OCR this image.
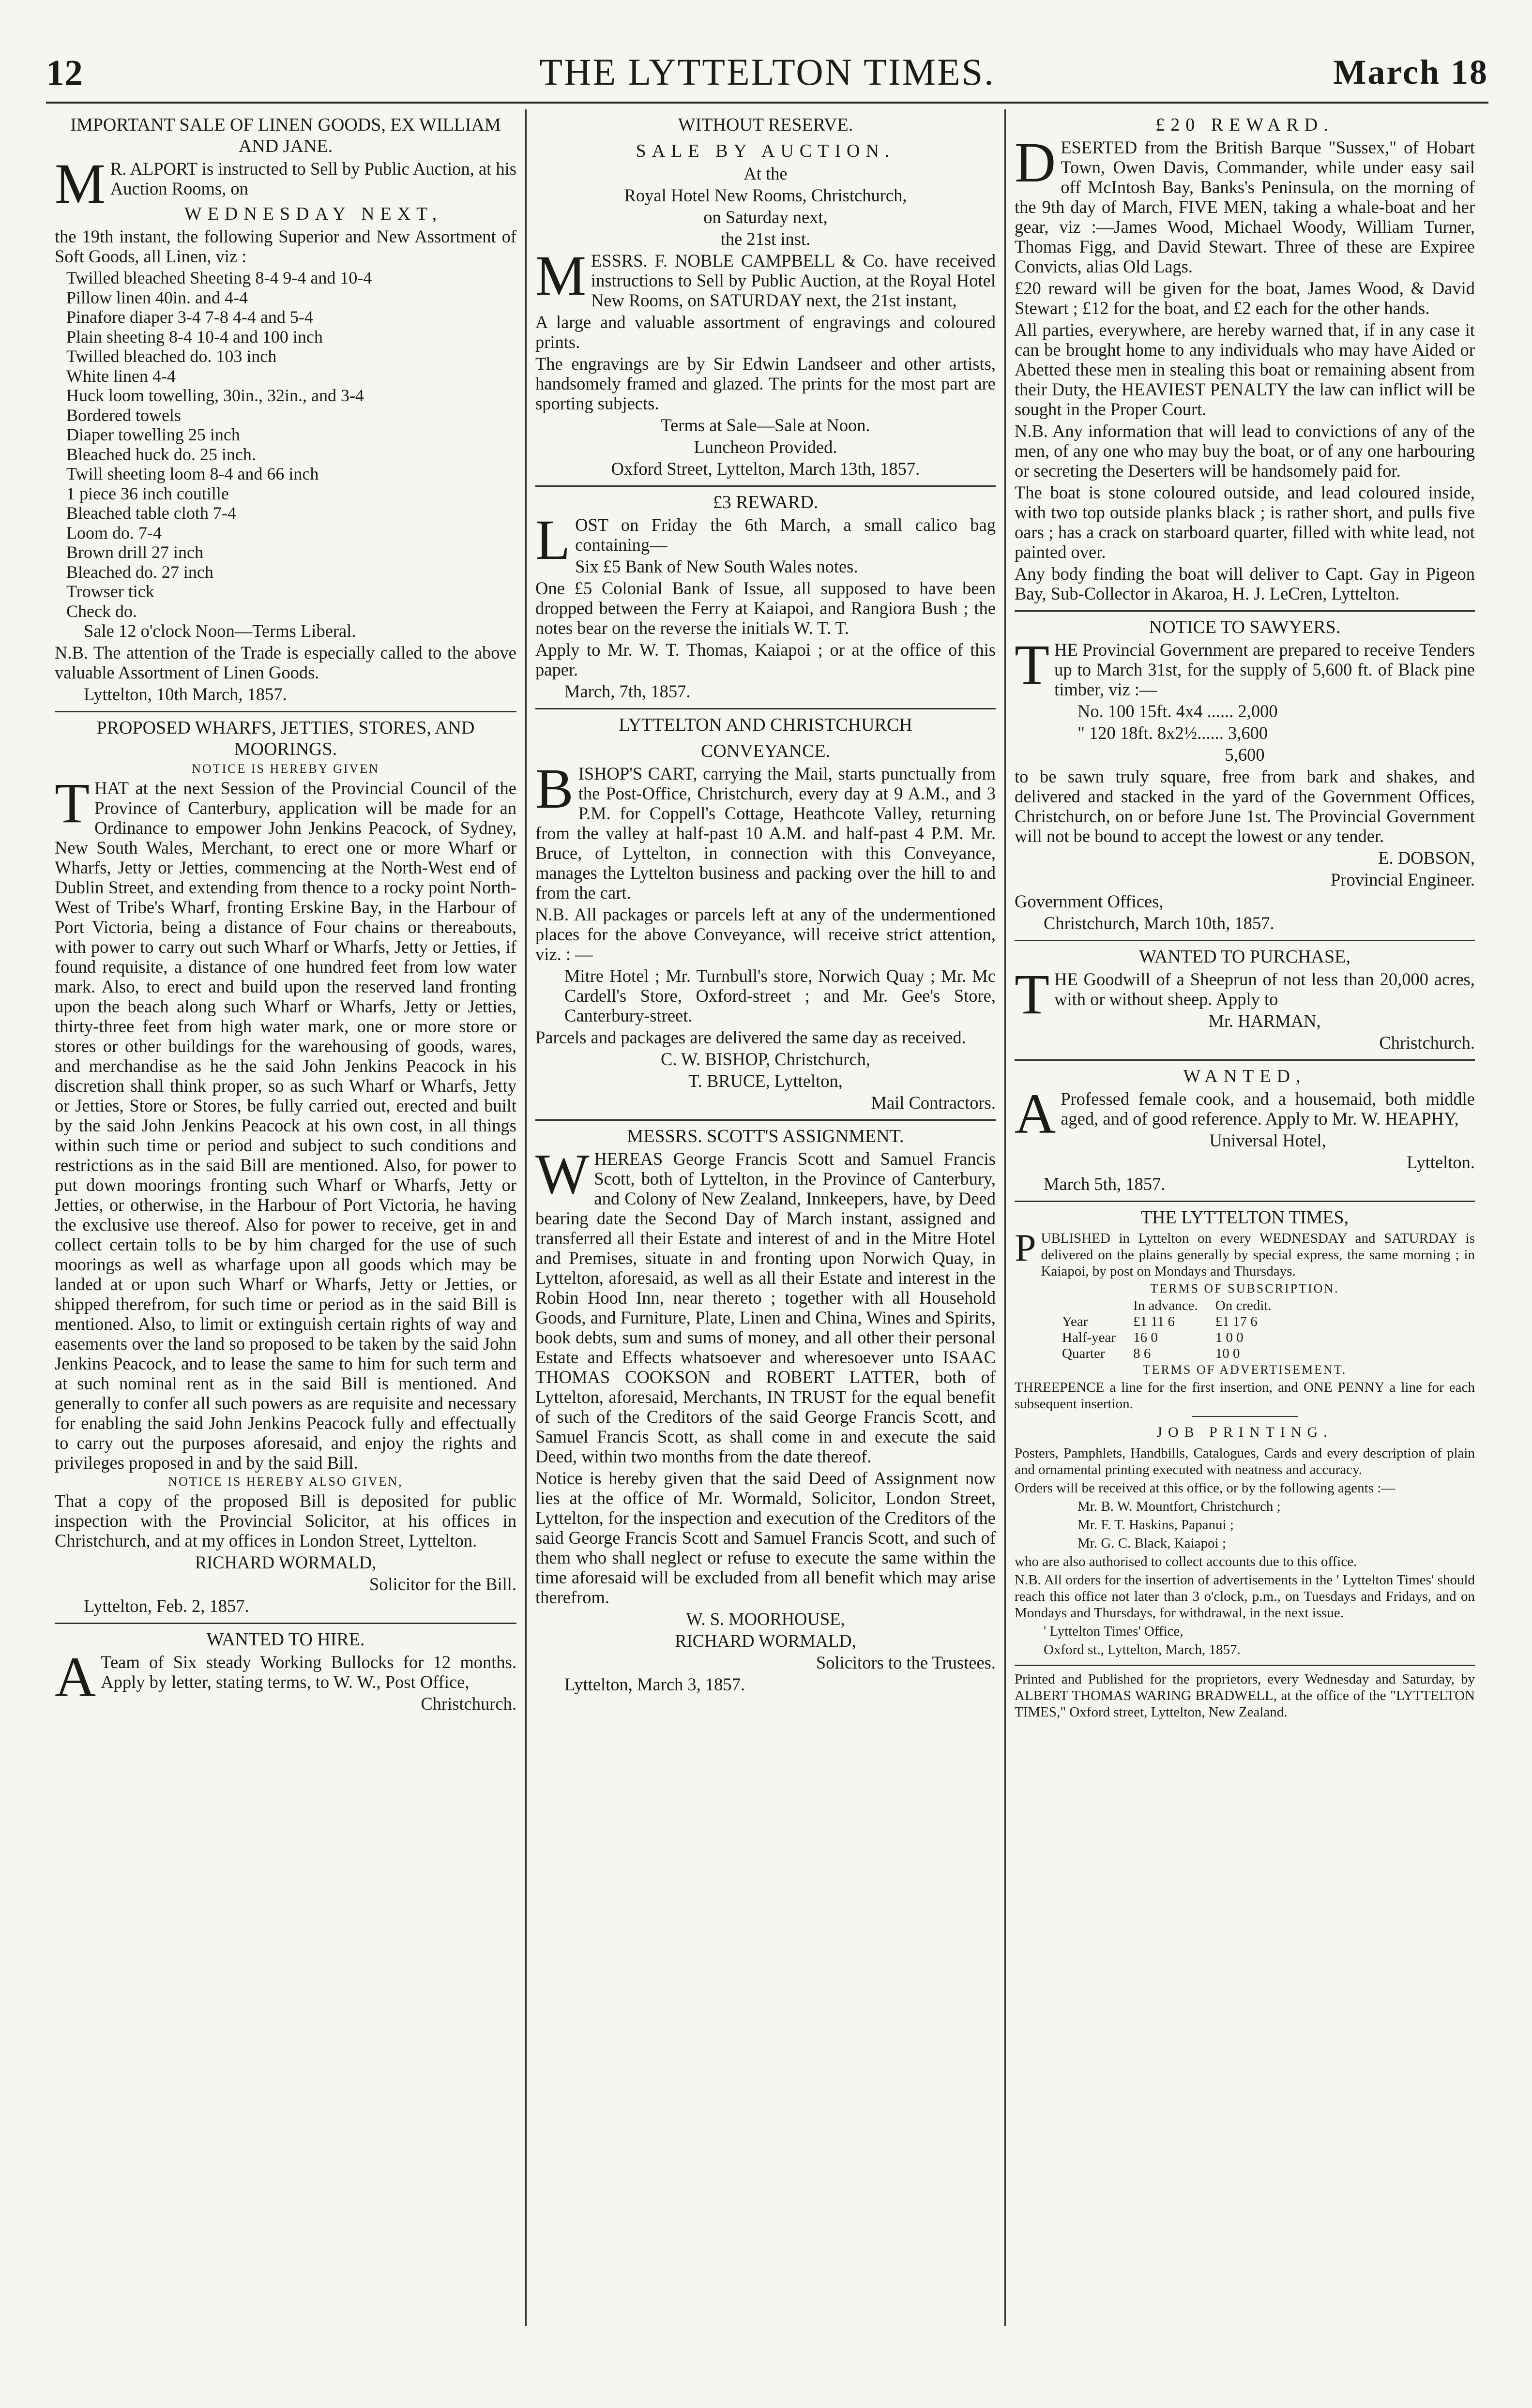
12	THE LYTTELTON TIMES.	March 18
IMPORTANT SALE OF LINEN GOODS, EX WILLIAM AND JANE.

M R. ALPORT is instructed to Sell by Public Auction, at his Auction Rooms, on

WEDNESDAY NEXT,

the 19th instant, the following Superior and New Assortment of Soft Goods, all Linen, viz :

Twilled bleached Sheeting 8-4 9-4 and 10-4
Pillow linen 40in. and 4-4
Pinafore diaper 3-4 7-8 4-4 and 5-4
Plain sheeting 8-4 10-4 and 100 inch
Twilled bleached do. 103 inch
White linen 4-4
Huck loom towelling, 30in., 32in., and 3-4
Bordered towels
Diaper towelling 25 inch
Bleached huck do. 25 inch.
Twill sheeting loom 8-4 and 66 inch
1 piece 36 inch coutille
Bleached table cloth 7-4
Loom do. 7-4
Brown drill 27 inch
Bleached do. 27 inch
Trowser tick
Check do.

Sale 12 o'clock Noon—Terms Liberal.

N.B. The attention of the Trade is especially called to the above valuable Assortment of Linen Goods.

Lyttelton, 10th March, 1857.

PROPOSED WHARFS, JETTIES, STORES, AND MOORINGS.
NOTICE IS HEREBY GIVEN

THAT at the next Session of the Provincial Council of the Province of Canterbury, application will be made for an Ordinance to empower John Jenkins Peacock, of Sydney, New South Wales, Merchant, to erect one or more Wharf or Wharfs, Jetty or Jetties, commencing at the North-West end of Dublin Street, and extending from thence to a rocky point North-West of Tribe's Wharf, fronting Erskine Bay, in the Harbour of Port Victoria, being a distance of Four chains or thereabouts, with power to carry out such Wharf or Wharfs, Jetty or Jetties, if found requisite, a distance of one hundred feet from low water mark. Also, to erect and build upon the reserved land fronting upon the beach along such Wharf or Wharfs, Jetty or Jetties, thirty-three feet from high water mark, one or more store or stores or other buildings for the warehousing of goods, wares, and merchandise as he the said John Jenkins Peacock in his discretion shall think proper, so as such Wharf or Wharfs, Jetty or Jetties, Store or Stores, be fully carried out, erected and built by the said John Jenkins Peacock at his own cost, in all things within such time or period and subject to such conditions and restrictions as in the said Bill are mentioned. Also, for power to put down moorings fronting such Wharf or Wharfs, Jetty or Jetties, or otherwise, in the Harbour of Port Victoria, he having the exclusive use thereof. Also for power to receive, get in and collect certain tolls to be by him charged for the use of such moorings as well as wharfage upon all goods which may be landed at or upon such Wharf or Wharfs, Jetty or Jetties, or shipped therefrom, for such time or period as in the said Bill is mentioned. Also, to limit or extinguish certain rights of way and easements over the land so proposed to be taken by the said John Jenkins Peacock, and to lease the same to him for such term and at such nominal rent as in the said Bill is mentioned. And generally to confer all such powers as are requisite and necessary for enabling the said John Jenkins Peacock fully and effectually to carry out the purposes aforesaid, and enjoy the rights and privileges proposed in and by the said Bill.

NOTICE IS HEREBY ALSO GIVEN,

That a copy of the proposed Bill is deposited for public inspection with the Provincial Solicitor, at his offices in Christchurch, and at my offices in London Street, Lyttelton.

RICHARD WORMALD,

Solicitor for the Bill.

Lyttelton, Feb. 2, 1857.

WANTED TO HIRE.

A Team of Six steady Working Bullocks for 12 months. Apply by letter, stating terms, to W. W., Post Office,

Christchurch.

WITHOUT RESERVE.
SALE BY AUCTION.

At the

Royal Hotel New Rooms, Christchurch,

on Saturday next,

the 21st inst.

MESSRS. F. NOBLE CAMPBELL & Co. have received instructions to Sell by Public Auction, at the Royal Hotel New Rooms, on SATURDAY next, the 21st instant,

A large and valuable assortment of engravings and coloured prints.

The engravings are by Sir Edwin Landseer and other artists, handsomely framed and glazed. The prints for the most part are sporting subjects.

Terms at Sale—Sale at Noon.

Luncheon Provided.

Oxford Street, Lyttelton, March 13th, 1857.

£3 REWARD.

LOST on Friday the 6th March, a small calico bag containing—

Six £5 Bank of New South Wales notes.

One £5 Colonial Bank of Issue, all supposed to have been dropped between the Ferry at Kaiapoi, and Rangiora Bush ; the notes bear on the reverse the initials W. T. T.

Apply to Mr. W. T. Thomas, Kaiapoi ; or at the office of this paper.

March, 7th, 1857.

LYTTELTON AND CHRISTCHURCH
CONVEYANCE.

BISHOP'S CART, carrying the Mail, starts punctually from the Post-Office, Christchurch, every day at 9 A.M., and 3 P.M. for Coppell's Cottage, Heathcote Valley, returning from the valley at half-past 10 A.M. and half-past 4 P.M. Mr. Bruce, of Lyttelton, in connection with this Conveyance, manages the Lyttelton business and packing over the hill to and from the cart.

N.B. All packages or parcels left at any of the undermentioned places for the above Conveyance, will receive strict attention, viz. : —

Mitre Hotel ; Mr. Turnbull's store, Norwich Quay ; Mr. Mc Cardell's Store, Oxford-street ; and Mr. Gee's Store, Canterbury-street.

Parcels and packages are delivered the same day as received.

C. W. BISHOP, Christchurch,

T. BRUCE, Lyttelton,

Mail Contractors.

MESSRS. SCOTT'S ASSIGNMENT.

WHEREAS George Francis Scott and Samuel Francis Scott, both of Lyttelton, in the Province of Canterbury, and Colony of New Zealand, Innkeepers, have, by Deed bearing date the Second Day of March instant, assigned and transferred all their Estate and interest of and in the Mitre Hotel and Premises, situate in and fronting upon Norwich Quay, in Lyttelton, aforesaid, as well as all their Estate and interest in the Robin Hood Inn, near thereto ; together with all Household Goods, and Furniture, Plate, Linen and China, Wines and Spirits, book debts, sum and sums of money, and all other their personal Estate and Effects whatsoever and wheresoever unto ISAAC THOMAS COOKSON and ROBERT LATTER, both of Lyttelton, aforesaid, Merchants, IN TRUST for the equal benefit of such of the Creditors of the said George Francis Scott, and Samuel Francis Scott, as shall come in and execute the said Deed, within two months from the date thereof.

Notice is hereby given that the said Deed of Assignment now lies at the office of Mr. Wormald, Solicitor, London Street, Lyttelton, for the inspection and execution of the Creditors of the said George Francis Scott and Samuel Francis Scott, and such of them who shall neglect or refuse to execute the same within the time aforesaid will be excluded from all benefit which may arise therefrom.

W. S. MOORHOUSE,

RICHARD WORMALD,

Solicitors to the Trustees.

Lyttelton, March 3, 1857.

£20 REWARD.

DESERTED from the British Barque "Sussex," of Hobart Town, Owen Davis, Commander, while under easy sail off McIntosh Bay, Banks's Peninsula, on the morning of the 9th day of March, FIVE MEN, taking a whale-boat and her gear, viz :—James Wood, Michael Woody, William Turner, Thomas Figg, and David Stewart. Three of these are Expiree Convicts, alias Old Lags.

£20 reward will be given for the boat, James Wood, & David Stewart ; £12 for the boat, and £2 each for the other hands.

All parties, everywhere, are hereby warned that, if in any case it can be brought home to any individuals who may have Aided or Abetted these men in stealing this boat or remaining absent from their Duty, the HEAVIEST PENALTY the law can inflict will be sought in the Proper Court.

N.B. Any information that will lead to convictions of any of the men, of any one who may buy the boat, or of any one harbouring or secreting the Deserters will be handsomely paid for.

The boat is stone coloured outside, and lead coloured inside, with two top outside planks black ; is rather short, and pulls five oars ; has a crack on starboard quarter, filled with white lead, not painted over.

Any body finding the boat will deliver to Capt. Gay in Pigeon Bay, Sub-Collector in Akaroa, H. J. LeCren, Lyttelton.

NOTICE TO SAWYERS.

THE Provincial Government are prepared to receive Tenders up to March 31st, for the supply of 5,600 ft. of Black pine timber, viz :—

No. 100 15ft. 4x4 ...... 2,000

" 120 18ft. 8x2½...... 3,600

5,600

to be sawn truly square, free from bark and shakes, and delivered and stacked in the yard of the Government Offices, Christchurch, on or before June 1st. The Provincial Government will not be bound to accept the lowest or any tender.

E. DOBSON,

Provincial Engineer.

Government Offices,

Christchurch, March 10th, 1857.

WANTED TO PURCHASE,

THE Goodwill of a Sheeprun of not less than 20,000 acres, with or without sheep. Apply to

Mr. HARMAN,

Christchurch.

WANTED,

A Professed female cook, and a housemaid, both middle aged, and of good reference. Apply to Mr. W. HEAPHY,

Universal Hotel,

Lyttelton.

March 5th, 1857.

THE LYTTELTON TIMES,

PUBLISHED in Lyttelton on every WEDNESDAY and SATURDAY is delivered on the plains generally by special express, the same morning ; in Kaiapoi, by post on Mondays and Thursdays.

TERMS OF SUBSCRIPTION.
	In advance.	On credit.
Year	£1 11 6	£1 17 6
Half-year	16 0	1 0 0
Quarter	8 6	10 0
TERMS OF ADVERTISEMENT.

THREEPENCE a line for the first insertion, and ONE PENNY a line for each subsequent insertion.

JOB PRINTING.

Posters, Pamphlets, Handbills, Catalogues, Cards and every description of plain and ornamental printing executed with neatness and accuracy.

Orders will be received at this office, or by the following agents :—

Mr. B. W. Mountfort, Christchurch ;

Mr. F. T. Haskins, Papanui ;

Mr. G. C. Black, Kaiapoi ;

who are also authorised to collect accounts due to this office.

N.B. All orders for the insertion of advertisements in the ' Lyttelton Times' should reach this office not later than 3 o'clock, p.m., on Tuesdays and Fridays, and on Mondays and Thursdays, for withdrawal, in the next issue.

' Lyttelton Times' Office,

Oxford st., Lyttelton, March, 1857.

Printed and Published for the proprietors, every Wednesday and Saturday, by ALBERT THOMAS WARING BRADWELL, at the office of the "LYTTELTON TIMES," Oxford street, Lyttelton, New Zealand.
